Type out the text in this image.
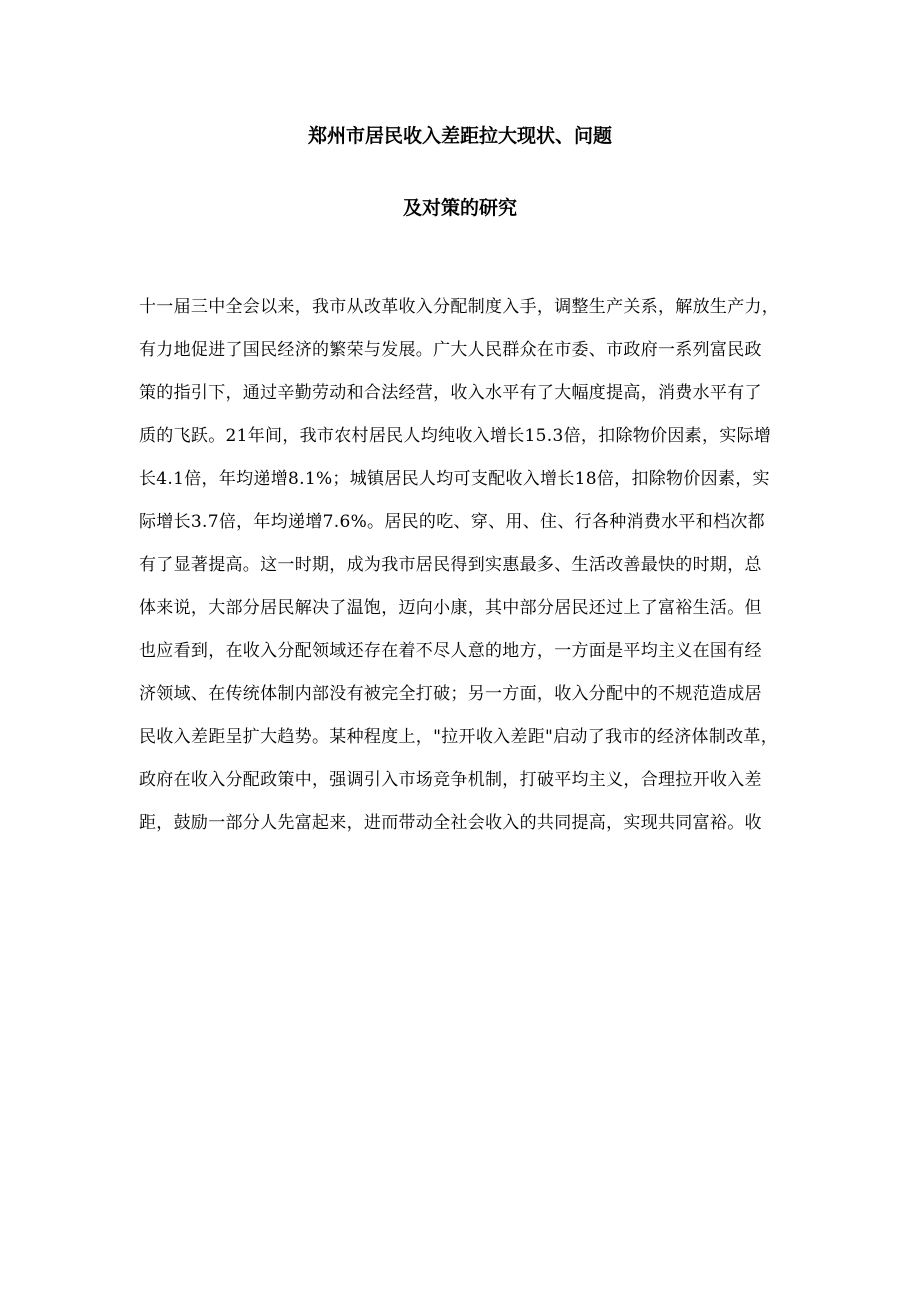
郑州市居民收入差距拉大现状、问题
及对策的研究

十一届三中全会以来，我市从改革收入分配制度入手，调整生产关系，解放生产力，

有力地促进了国民经济的繁荣与发展。广大人民群众在市委、市政府一系列富民政

策的指引下，通过辛勤劳动和合法经营，收入水平有了大幅度提高，消费水平有了

质的飞跃。21年间，我市农村居民人均纯收入增长15.3倍，扣除物价因素，实际增

长4.1倍，年均递增8.1%；城镇居民人均可支配收入增长18倍，扣除物价因素，实

际增长3.7倍，年均递增7.6%。居民的吃、穿、用、住、行各种消费水平和档次都

有了显著提高。这一时期，成为我市居民得到实惠最多、生活改善最快的时期，总

体来说，大部分居民解决了温饱，迈向小康，其中部分居民还过上了富裕生活。但

也应看到，在收入分配领域还存在着不尽人意的地方，一方面是平均主义在国有经

济领域、在传统体制内部没有被完全打破；另一方面，收入分配中的不规范造成居

民收入差距呈扩大趋势。某种程度上，"拉开收入差距"启动了我市的经济体制改革，

政府在收入分配政策中，强调引入市场竞争机制，打破平均主义，合理拉开收入差

距，鼓励一部分人先富起来，进而带动全社会收入的共同提高，实现共同富裕。收
